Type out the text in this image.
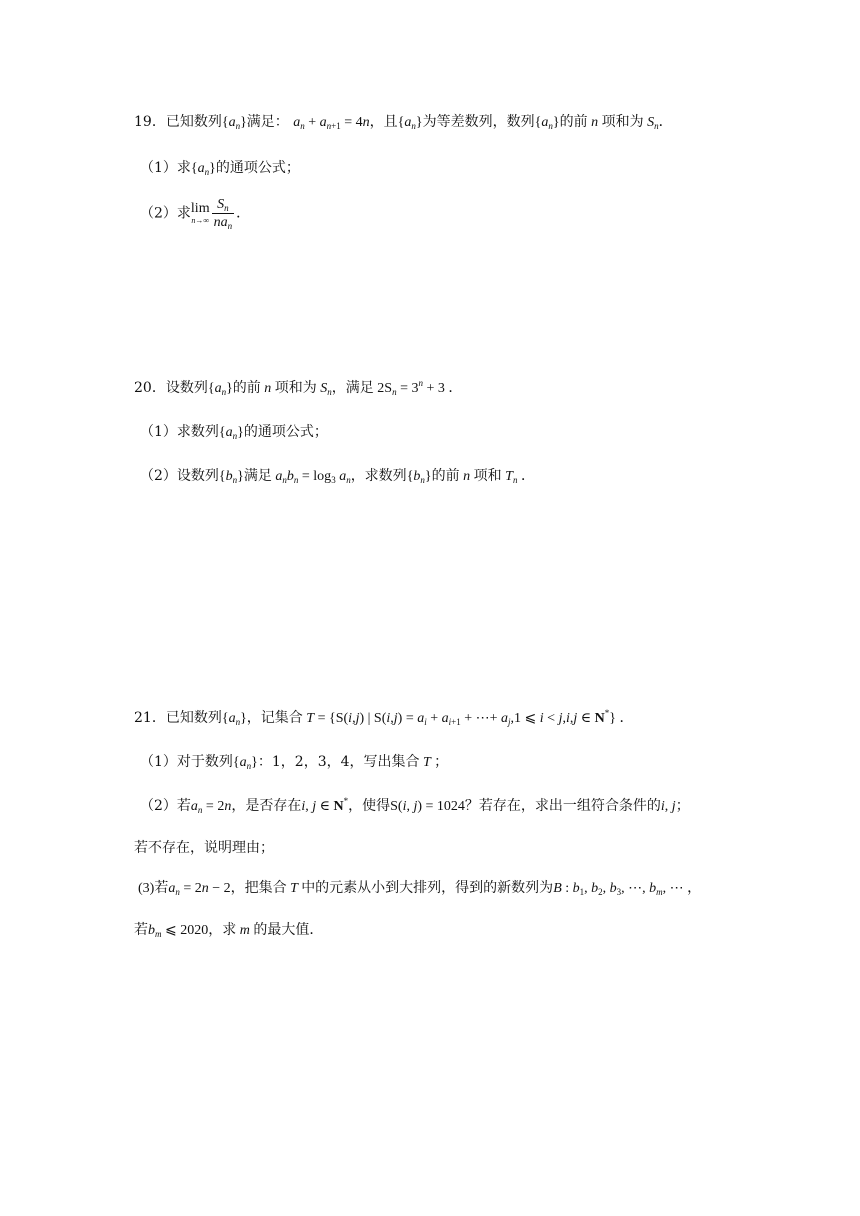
19．已知数列$\{a_n\}$满足： $a_n + a_{n+1} = 4n$，且$\{a_n\}$为等差数列，数列$\{a_n\}$的前 n 项和为 $S_n$．
（1）求$\{a_n\}$的通项公式；
（2）求 lim
$n\to\infty \frac{S_n}{na_n}$ ．
20．设数列$\{a_n\}$的前 n 项和为 $S_n$，满足 $2S_n = 3^n + 3$ ．
（1）求数列$\{a_n\}$的通项公式；
（2）设数列$\{b_n\}$满足 $a_nb_n = \log_3 a_n$，求数列$\{b_n\}$的前 n 项和 $T_n$ ．
21．已知数列$\{a_n\}$，记集合 T = {S(i,j) | $S(i,j) = a_i + a_{i+1}$ + ⋯+ $a_j,1$ ⩽ i < j,i,j ∈ N*} ．
（1）对于数列$\{a_n\}$：1，2，3，4，写出集合 T ；
（2）若$a_n = 2n$，是否存在i, j ∈ N*，使得S(i, j) = 1024？若存在，求出一组符合条件的i, j；
若不存在，说明理由；
(3)若$a_n = 2n - 2$，把集合 T 中的元素从小到大排列，得到的新数列为B : $b_1$, $b_2$, $b_3$, ⋯, $b_m$, ⋯ ，
若$b_m$ ⩽ 2020，求 m 的最大值．
